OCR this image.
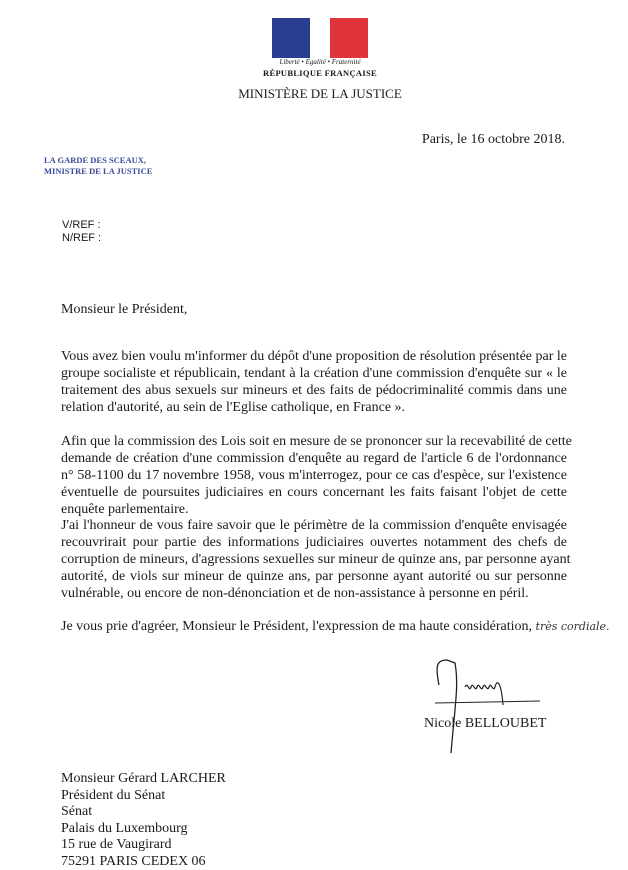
Liberté • Égalité • Fraternité
RÉPUBLIQUE FRANÇAISE
MINISTÈRE DE LA JUSTICE
Paris, le 16 octobre 2018.
LA GARDE DES SCEAUX,
MINISTRE DE LA JUSTICE
V/REF :
N/REF :
Monsieur le Président,
Vous avez bien voulu m'informer du dépôt d'une proposition de résolution présentée par le
groupe socialiste et républicain, tendant à la création d'une commission d'enquête sur « le
traitement des abus sexuels sur mineurs et des faits de pédocriminalité commis dans une
relation d'autorité, au sein de l'Eglise catholique, en France ».
Afin que la commission des Lois soit en mesure de se prononcer sur la recevabilité de cette
demande de création d'une commission d'enquête au regard de l'article 6 de l'ordonnance
n° 58-1100 du 17 novembre 1958, vous m'interrogez, pour ce cas d'espèce, sur l'existence
éventuelle de poursuites judiciaires en cours concernant les faits faisant l'objet de cette
enquête parlementaire.
J'ai l'honneur de vous faire savoir que le périmètre de la commission d'enquête envisagée
recouvrirait pour partie des informations judiciaires ouvertes notamment des chefs de
corruption de mineurs, d'agressions sexuelles sur mineur de quinze ans, par personne ayant
autorité, de viols sur mineur de quinze ans, par personne ayant autorité ou sur personne
vulnérable, ou encore de non-dénonciation et de non-assistance à personne en péril.
Je vous prie d'agréer, Monsieur le Président, l'expression de ma haute considération, très cordiale.
Nicole BELLOUBET
Monsieur Gérard LARCHER
Président du Sénat
Sénat
Palais du Luxembourg
15 rue de Vaugirard
75291 PARIS CEDEX 06
